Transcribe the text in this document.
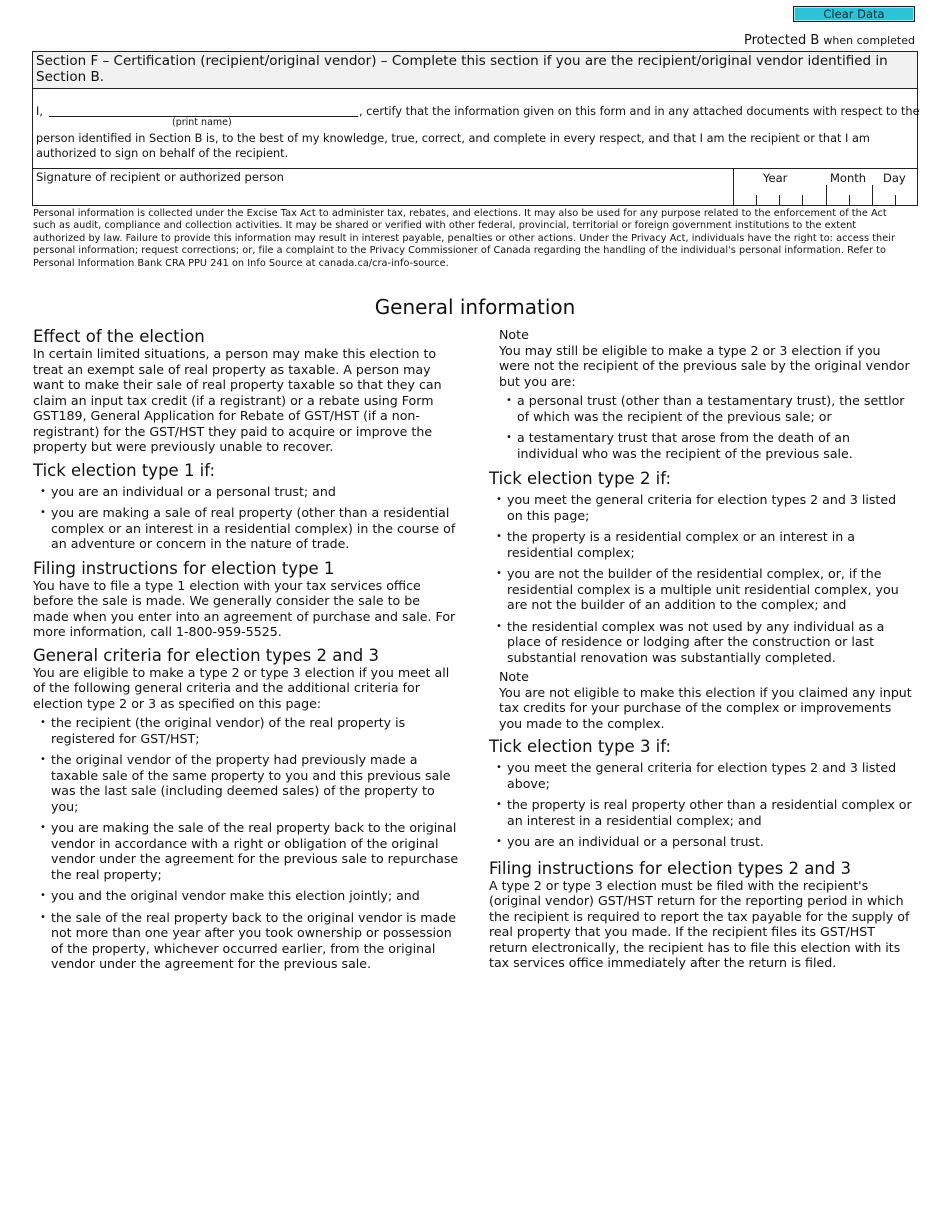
Clear Data
Protected B when completed
Section F – Certification (recipient/original vendor) – Complete this section if you are the recipient/original vendor identified in Section B.
I,
(print name)
, certify that the information given on this form and in any attached documents with respect to the
person identified in Section B is, to the best of my knowledge, true, correct, and complete in every respect, and that I am the recipient or that I am authorized to sign on behalf of the recipient.
Signature of recipient or authorized person	Year	Month Day
Personal information is collected under the Excise Tax Act to administer tax, rebates, and elections. It may also be used for any purpose related to the enforcement of the Act such as audit, compliance and collection activities. It may be shared or verified with other federal, provincial, territorial or foreign government institutions to the extent authorized by law. Failure to provide this information may result in interest payable, penalties or other actions. Under the Privacy Act, individuals have the right to: access their personal information; request corrections; or, file a complaint to the Privacy Commissioner of Canada regarding the handling of the individual's personal information. Refer to Personal Information Bank CRA PPU 241 on Info Source at canada.ca/cra-info-source.
General information
Effect of the election

In certain limited situations, a person may make this election to treat an exempt sale of real property as taxable. A person may want to make their sale of real property taxable so that they can claim an input tax credit (if a registrant) or a rebate using Form GST189, General Application for Rebate of GST/HST (if a non-registrant) for the GST/HST they paid to acquire or improve the property but were previously unable to recover.

Tick election type 1 if:
• you are an individual or a personal trust; and
• you are making a sale of real property (other than a residential complex or an interest in a residential complex) in the course of an adventure or concern in the nature of trade.
Filing instructions for election type 1

You have to file a type 1 election with your tax services office before the sale is made. We generally consider the sale to be made when you enter into an agreement of purchase and sale. For more information, call 1-800-959-5525.

General criteria for election types 2 and 3

You are eligible to make a type 2 or type 3 election if you meet all of the following general criteria and the additional criteria for election type 2 or 3 as specified on this page:

• the recipient (the original vendor) of the real property is registered for GST/HST;
• the original vendor of the property had previously made a taxable sale of the same property to you and this previous sale was the last sale (including deemed sales) of the property to you;
• you are making the sale of the real property back to the original vendor in accordance with a right or obligation of the original vendor under the agreement for the previous sale to repurchase the real property;
• you and the original vendor make this election jointly; and
• the sale of the real property back to the original vendor is made not more than one year after you took ownership or possession of the property, whichever occurred earlier, from the original vendor under the agreement for the previous sale.

Note

You may still be eligible to make a type 2 or 3 election if you were not the recipient of the previous sale by the original vendor but you are:

• a personal trust (other than a testamentary trust), the settlor of which was the recipient of the previous sale; or
• a testamentary trust that arose from the death of an individual who was the recipient of the previous sale.
Tick election type 2 if:
• you meet the general criteria for election types 2 and 3 listed on this page;
• the property is a residential complex or an interest in a residential complex;
• you are not the builder of the residential complex, or, if the residential complex is a multiple unit residential complex, you are not the builder of an addition to the complex; and
• the residential complex was not used by any individual as a place of residence or lodging after the construction or last substantial renovation was substantially completed.

Note

You are not eligible to make this election if you claimed any input tax credits for your purchase of the complex or improvements you made to the complex.

Tick election type 3 if:
• you meet the general criteria for election types 2 and 3 listed above;
• the property is real property other than a residential complex or an interest in a residential complex; and
• you are an individual or a personal trust.
Filing instructions for election types 2 and 3

A type 2 or type 3 election must be filed with the recipient's (original vendor) GST/HST return for the reporting period in which the recipient is required to report the tax payable for the supply of real property that you made. If the recipient files its GST/HST return electronically, the recipient has to file this election with its tax services office immediately after the return is filed.
